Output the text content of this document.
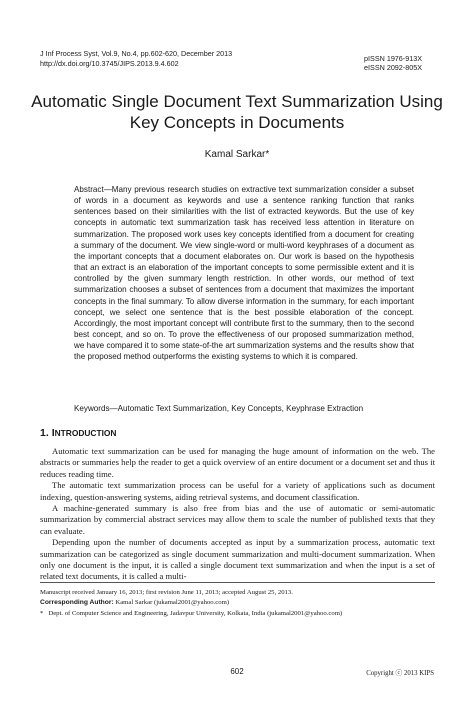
J Inf Process Syst, Vol.9, No.4, pp.602-620, December 2013
http://dx.doi.org/10.3745/JIPS.2013.9.4.602
pISSN 1976-913X
eISSN 2092-805X
Automatic Single Document Text Summarization Using
Key Concepts in Documents
Kamal Sarkar*
Abstract—Many previous research studies on extractive text summarization consider a subset of words in a document as keywords and use a sentence ranking function that ranks sentences based on their similarities with the list of extracted keywords. But the use of key concepts in automatic text summarization task has received less attention in literature on summarization. The proposed work uses key concepts identified from a document for creating a summary of the document. We view single-word or multi-word keyphrases of a document as the important concepts that a document elaborates on. Our work is based on the hypothesis that an extract is an elaboration of the important concepts to some permissible extent and it is controlled by the given summary length restriction. In other words, our method of text summarization chooses a subset of sentences from a document that maximizes the important concepts in the final summary. To allow diverse information in the summary, for each important concept, we select one sentence that is the best possible elaboration of the concept. Accordingly, the most important concept will contribute first to the summary, then to the second best concept, and so on. To prove the effectiveness of our proposed summarization method, we have compared it to some state-of-the art summarization systems and the results show that the proposed method outperforms the existing systems to which it is compared.
Keywords—Automatic Text Summarization, Key Concepts, Keyphrase Extraction
1. INTRODUCTION

Automatic text summarization can be used for managing the huge amount of information on the web. The abstracts or summaries help the reader to get a quick overview of an entire document or a document set and thus it reduces reading time.

The automatic text summarization process can be useful for a variety of applications such as document indexing, question-answering systems, aiding retrieval systems, and document classification.

A machine-generated summary is also free from bias and the use of automatic or semi-automatic summarization by commercial abstract services may allow them to scale the number of published texts that they can evaluate.

Depending upon the number of documents accepted as input by a summarization process, automatic text summarization can be categorized as single document summarization and multi-document summarization. When only one document is the input, it is called a single document text summarization and when the input is a set of related text documents, it is called a multi-

Manuscript received January 16, 2013; first revision June 11, 2013; accepted August 25, 2013.
Corresponding Author: Kamal Sarkar (jukamal2001@yahoo.com)
* Dept. of Computer Science and Engineering, Jadavpur University, Kolkata, India (jukamal2001@yahoo.com)
602	Copyright ⓒ 2013 KIPS
